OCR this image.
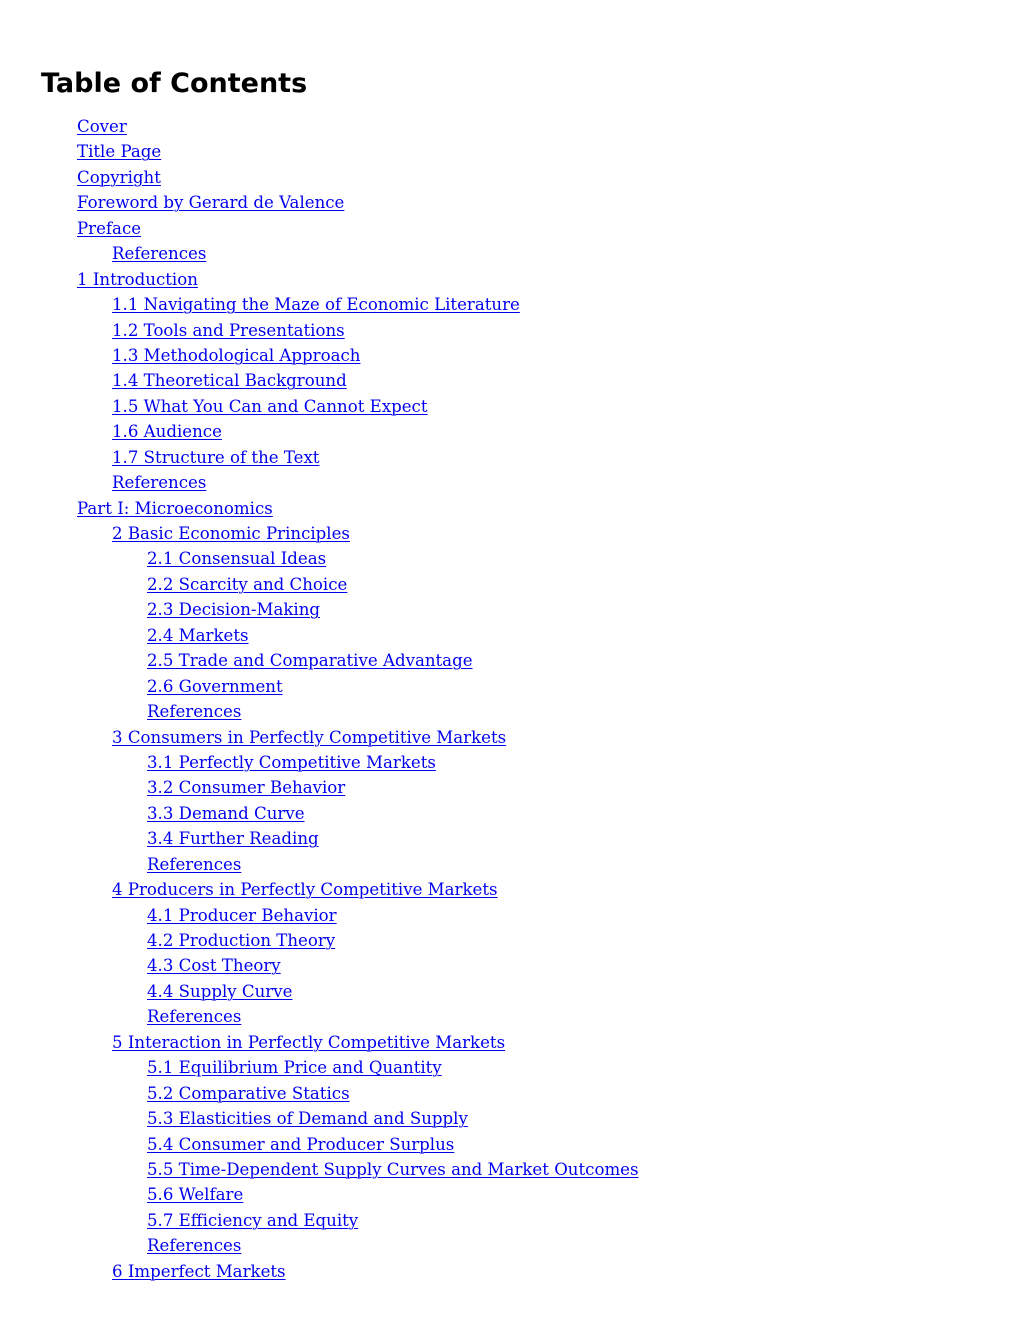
Table of Contents
Cover
Title Page
Copyright
Foreword by Gerard de Valence
Preface
References
1 Introduction
1.1 Navigating the Maze of Economic Literature
1.2 Tools and Presentations
1.3 Methodological Approach
1.4 Theoretical Background
1.5 What You Can and Cannot Expect
1.6 Audience
1.7 Structure of the Text
References
Part I: Microeconomics
2 Basic Economic Principles
2.1 Consensual Ideas
2.2 Scarcity and Choice
2.3 Decision-Making
2.4 Markets
2.5 Trade and Comparative Advantage
2.6 Government
References
3 Consumers in Perfectly Competitive Markets
3.1 Perfectly Competitive Markets
3.2 Consumer Behavior
3.3 Demand Curve
3.4 Further Reading
References
4 Producers in Perfectly Competitive Markets
4.1 Producer Behavior
4.2 Production Theory
4.3 Cost Theory
4.4 Supply Curve
References
5 Interaction in Perfectly Competitive Markets
5.1 Equilibrium Price and Quantity
5.2 Comparative Statics
5.3 Elasticities of Demand and Supply
5.4 Consumer and Producer Surplus
5.5 Time-Dependent Supply Curves and Market Outcomes
5.6 Welfare
5.7 Efficiency and Equity
References
6 Imperfect Markets
